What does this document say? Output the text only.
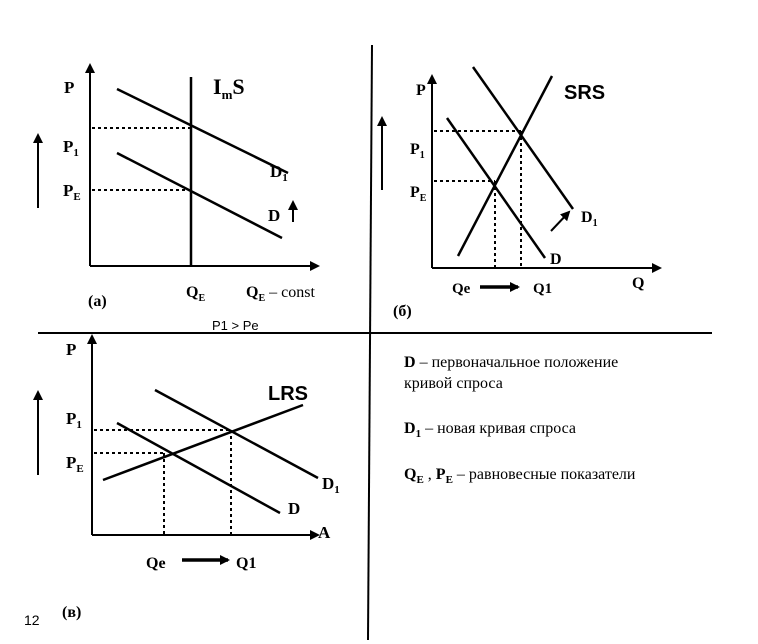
P
$P_1$
$P_E$
$I_mS$
$D_1$
D
$Q_E$	$Q_E$ – const
(а)
P1 > Pe
P
$P_1$
$P_E$
SRS
$D_1$
D
Qe	Q1	Q
(б)
P
$P_1$
$P_E$
LRS
$D_1$
D
A
Qe	Q1
(в)
D – первоначальное положение
кривой спроса
$D_1$ – новая кривая спроса
$Q_E$ , $P_E$ – равновесные показатели
12
